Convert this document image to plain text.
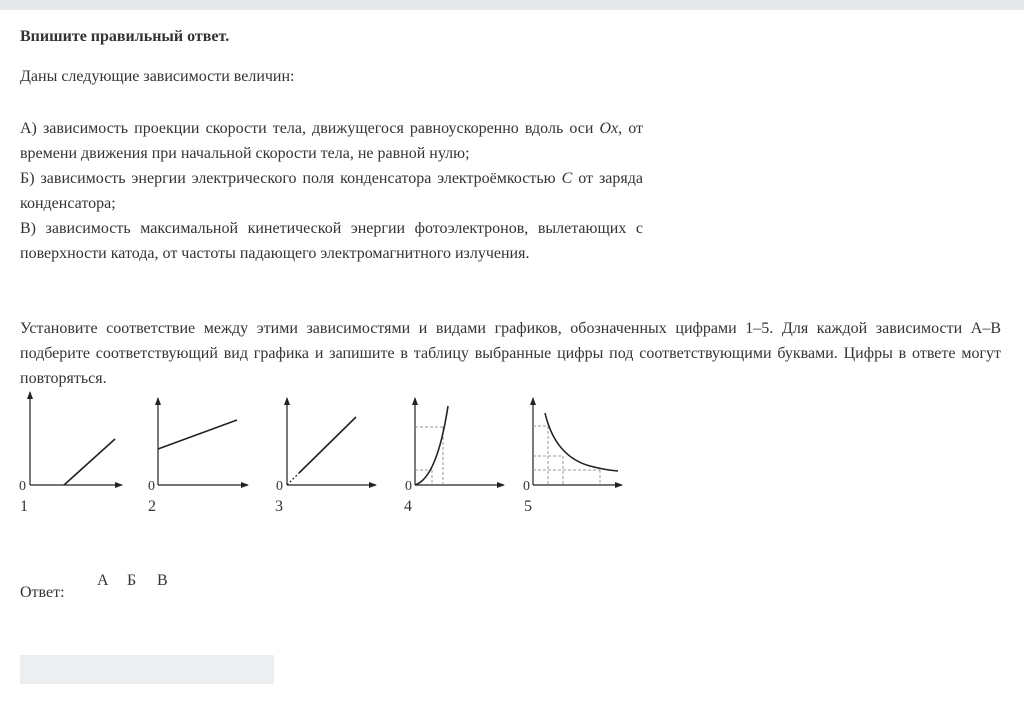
Впишите правильный ответ.
Даны следующие зависимости величин:
А) зависимость проекции скорости тела, движущегося равноускоренно вдоль оси Ox, от времени движения при начальной скорости тела, не равной нулю;
Б) зависимость энергии электрического поля конденсатора электроёмкостью C от заряда конденсатора;
В) зависимость максимальной кинетической энергии фотоэлектронов, вылетающих с поверхности катода, от частоты падающего электромагнитного излучения.
Установите соответствие между этими зависимостями и видами графиков, обозначенных цифрами 1–5. Для каждой зависимости А–В подберите соответствующий вид графика и запишите в таблицу выбранные цифры под соответствующими буквами. Цифры в ответе могут повторяться.
0
1
0
2
0
3
0
4
0
5
Ответ:
А	Б	В
